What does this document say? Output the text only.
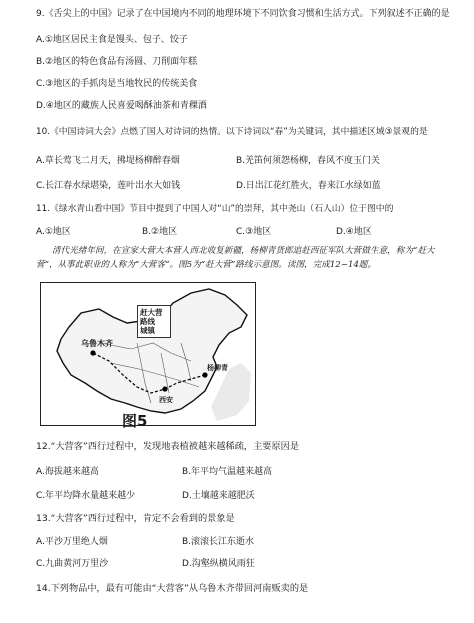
9.《舌尖上的中国》记录了在中国境内不同的地理环境下不同饮食习惯和生活方式。下列叙述不正确的是
A.①地区居民主食是馒头、包子、饺子
B.②地区的特色食品有汤圆、刀削面年糕
C.③地区的手抓肉是当地牧民的传统美食
D.④地区的藏族人民喜爱喝酥油茶和青稞酒
10.《中国诗词大会》点燃了国人对诗词的热情。以下诗词以“春”为关键词，其中描述区域③景观的是
A.草长莺飞二月天，拂堤杨柳醉春烟	B.羌笛何须怨杨柳，春风不度玉门关
C.长江春水绿堪染，莲叶出水大如钱	D.日出江花红胜火，春来江水绿如蓝
11.《绿水青山看中国》节目中提到了中国人对“山”的崇拜，其中尧山（石人山）位于图中的
A.①地区	B.②地区	C.③地区	D.④地区
清代光绪年间，在宣家大营大本营人西北收复新疆，杨柳青货郎追赶西征军队大营做生意，称为“赶大营”，从事此职业的人称为“大营客”。图5为“赶大营”路线示意图。读图，完成12~14题。
赶大营路线
城镇
乌鲁木齐
杨柳青
西安
图5
12.“大营客”西行过程中，发现地表植被越来越稀疏，主要原因是
A.海拔越来越高	B.年平均气温越来越高
C.年平均降水量越来越少	D.土壤越来越肥沃
13.“大营客”西行过程中，肯定不会看到的景象是
A.平沙万里绝人烟	B.滚滚长江东逝水
C.九曲黄河万里沙	D.沟壑纵横风雨狂
14.下列物品中，最有可能由“大营客”从乌鲁木齐带回河南贩卖的是
